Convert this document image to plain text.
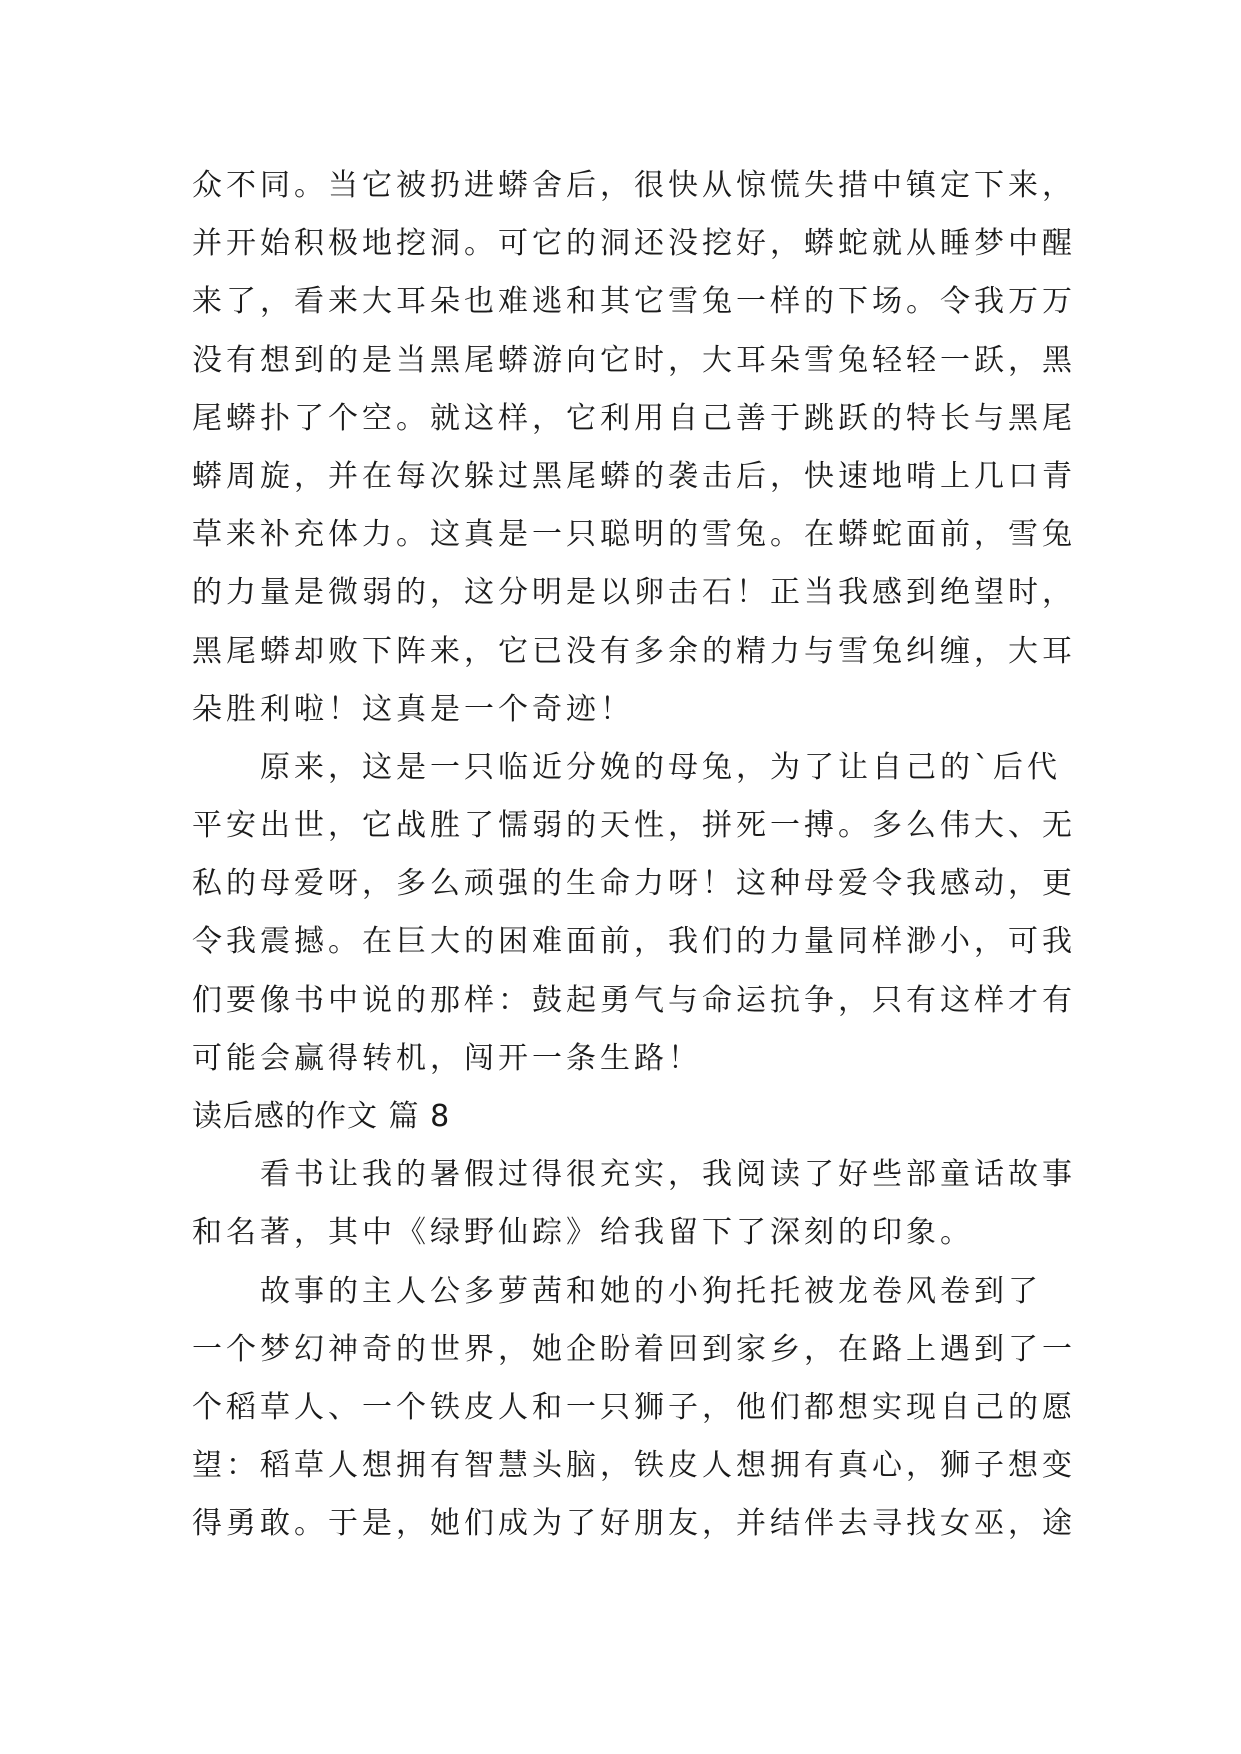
众不同。当它被扔进蟒舍后，很快从惊慌失措中镇定下来，
并开始积极地挖洞。可它的洞还没挖好，蟒蛇就从睡梦中醒
来了，看来大耳朵也难逃和其它雪兔一样的下场。令我万万
没有想到的是当黑尾蟒游向它时，大耳朵雪兔轻轻一跃，黑
尾蟒扑了个空。就这样，它利用自己善于跳跃的特长与黑尾
蟒周旋，并在每次躲过黑尾蟒的袭击后，快速地啃上几口青
草来补充体力。这真是一只聪明的雪兔。在蟒蛇面前，雪兔
的力量是微弱的，这分明是以卵击石！正当我感到绝望时，
黑尾蟒却败下阵来，它已没有多余的精力与雪兔纠缠，大耳
朵胜利啦！这真是一个奇迹！
原来，这是一只临近分娩的母兔，为了让自己的`后代
平安出世，它战胜了懦弱的天性，拼死一搏。多么伟大、无
私的母爱呀，多么顽强的生命力呀！这种母爱令我感动，更
令我震撼。在巨大的困难面前，我们的力量同样渺小，可我
们要像书中说的那样：鼓起勇气与命运抗争，只有这样才有
可能会赢得转机，闯开一条生路！
读后感的作文 篇 8
看书让我的暑假过得很充实，我阅读了好些部童话故事
和名著，其中《绿野仙踪》给我留下了深刻的印象。
故事的主人公多萝茜和她的小狗托托被龙卷风卷到了
一个梦幻神奇的世界，她企盼着回到家乡，在路上遇到了一
个稻草人、一个铁皮人和一只狮子，他们都想实现自己的愿
望：稻草人想拥有智慧头脑，铁皮人想拥有真心，狮子想变
得勇敢。于是，她们成为了好朋友，并结伴去寻找女巫，途
